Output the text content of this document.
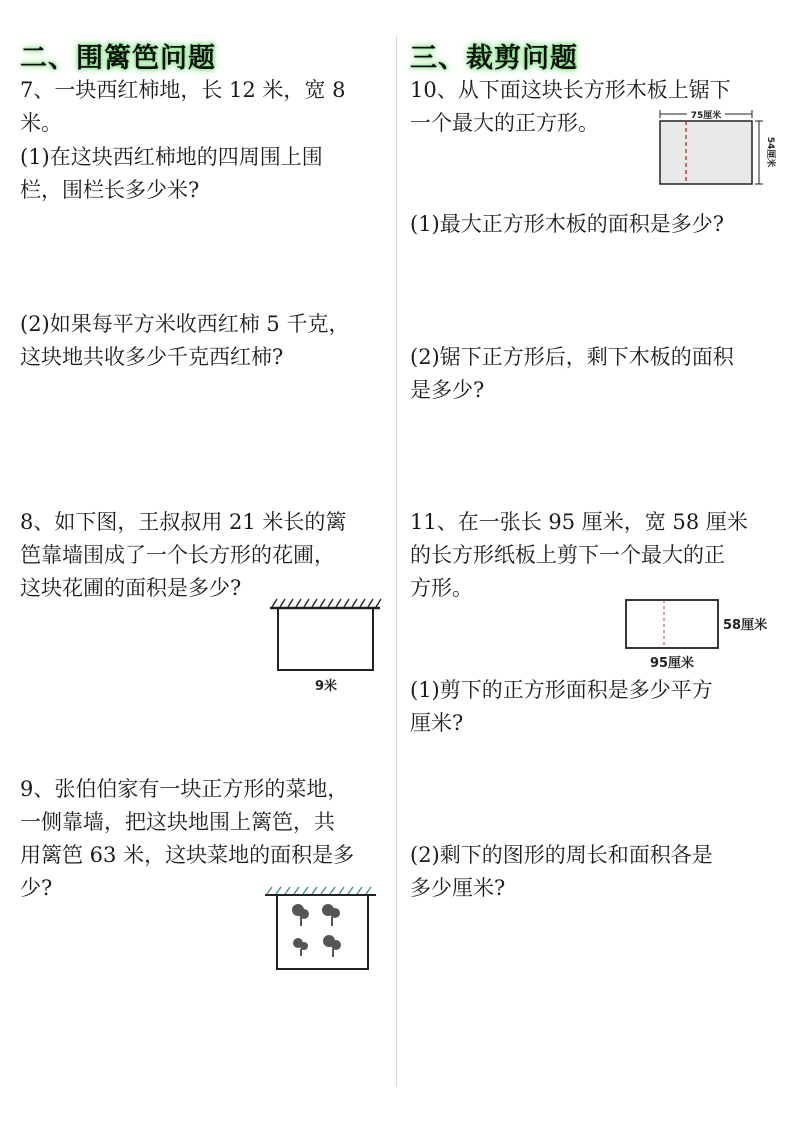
二、围篱笆问题

7、一块西红柿地，长 12 米，宽 8

米。

(1)在这块西红柿地的四周围上围

栏，围栏长多少米?

(2)如果每平方米收西红柿 5 千克，

这块地共收多少千克西红柿?

8、如下图，王叔叔用 21 米长的篱

笆靠墙围成了一个长方形的花圃，

这块花圃的面积是多少?

9米

9、张伯伯家有一块正方形的菜地，

一侧靠墙，把这块地围上篱笆，共

用篱笆 63 米，这块菜地的面积是多

少?

三、裁剪问题

10、从下面这块长方形木板上锯下

一个最大的正方形。	75厘米
54厘米

(1)最大正方形木板的面积是多少?

(2)锯下正方形后，剩下木板的面积

是多少?

11、在一张长 95 厘米，宽 58 厘米

的长方形纸板上剪下一个最大的正

方形。

58厘米
95厘米

(1)剪下的正方形面积是多少平方

厘米?

(2)剩下的图形的周长和面积各是

多少厘米?
